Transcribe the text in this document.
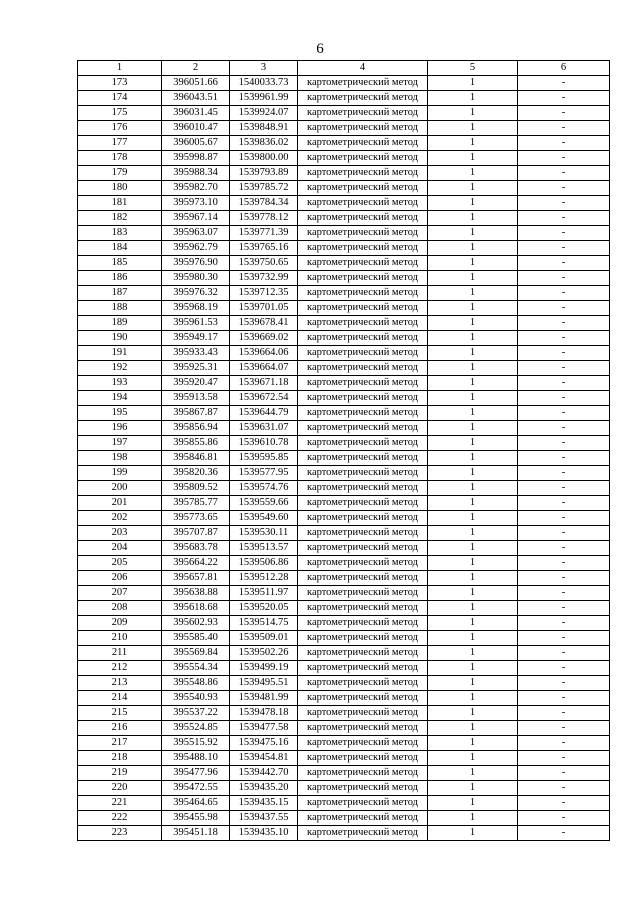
6
1	2	3	4	5	6
173	396051.66	1540033.73	картометрический метод	1	-
174	396043.51	1539961.99	картометрический метод	1	-
175	396031.45	1539924.07	картометрический метод	1	-
176	396010.47	1539848.91	картометрический метод	1	-
177	396005.67	1539836.02	картометрический метод	1	-
178	395998.87	1539800.00	картометрический метод	1	-
179	395988.34	1539793.89	картометрический метод	1	-
180	395982.70	1539785.72	картометрический метод	1	-
181	395973.10	1539784.34	картометрический метод	1	-
182	395967.14	1539778.12	картометрический метод	1	-
183	395963.07	1539771.39	картометрический метод	1	-
184	395962.79	1539765.16	картометрический метод	1	-
185	395976.90	1539750.65	картометрический метод	1	-
186	395980.30	1539732.99	картометрический метод	1	-
187	395976.32	1539712.35	картометрический метод	1	-
188	395968.19	1539701.05	картометрический метод	1	-
189	395961.53	1539678.41	картометрический метод	1	-
190	395949.17	1539669.02	картометрический метод	1	-
191	395933.43	1539664.06	картометрический метод	1	-
192	395925.31	1539664.07	картометрический метод	1	-
193	395920.47	1539671.18	картометрический метод	1	-
194	395913.58	1539672.54	картометрический метод	1	-
195	395867.87	1539644.79	картометрический метод	1	-
196	395856.94	1539631.07	картометрический метод	1	-
197	395855.86	1539610.78	картометрический метод	1	-
198	395846.81	1539595.85	картометрический метод	1	-
199	395820.36	1539577.95	картометрический метод	1	-
200	395809.52	1539574.76	картометрический метод	1	-
201	395785.77	1539559.66	картометрический метод	1	-
202	395773.65	1539549.60	картометрический метод	1	-
203	395707.87	1539530.11	картометрический метод	1	-
204	395683.78	1539513.57	картометрический метод	1	-
205	395664.22	1539506.86	картометрический метод	1	-
206	395657.81	1539512.28	картометрический метод	1	-
207	395638.88	1539511.97	картометрический метод	1	-
208	395618.68	1539520.05	картометрический метод	1	-
209	395602.93	1539514.75	картометрический метод	1	-
210	395585.40	1539509.01	картометрический метод	1	-
211	395569.84	1539502.26	картометрический метод	1	-
212	395554.34	1539499.19	картометрический метод	1	-
213	395548.86	1539495.51	картометрический метод	1	-
214	395540.93	1539481.99	картометрический метод	1	-
215	395537.22	1539478.18	картометрический метод	1	-
216	395524.85	1539477.58	картометрический метод	1	-
217	395515.92	1539475.16	картометрический метод	1	-
218	395488.10	1539454.81	картометрический метод	1	-
219	395477.96	1539442.70	картометрический метод	1	-
220	395472.55	1539435.20	картометрический метод	1	-
221	395464.65	1539435.15	картометрический метод	1	-
222	395455.98	1539437.55	картометрический метод	1	-
223	395451.18	1539435.10	картометрический метод	1	-
